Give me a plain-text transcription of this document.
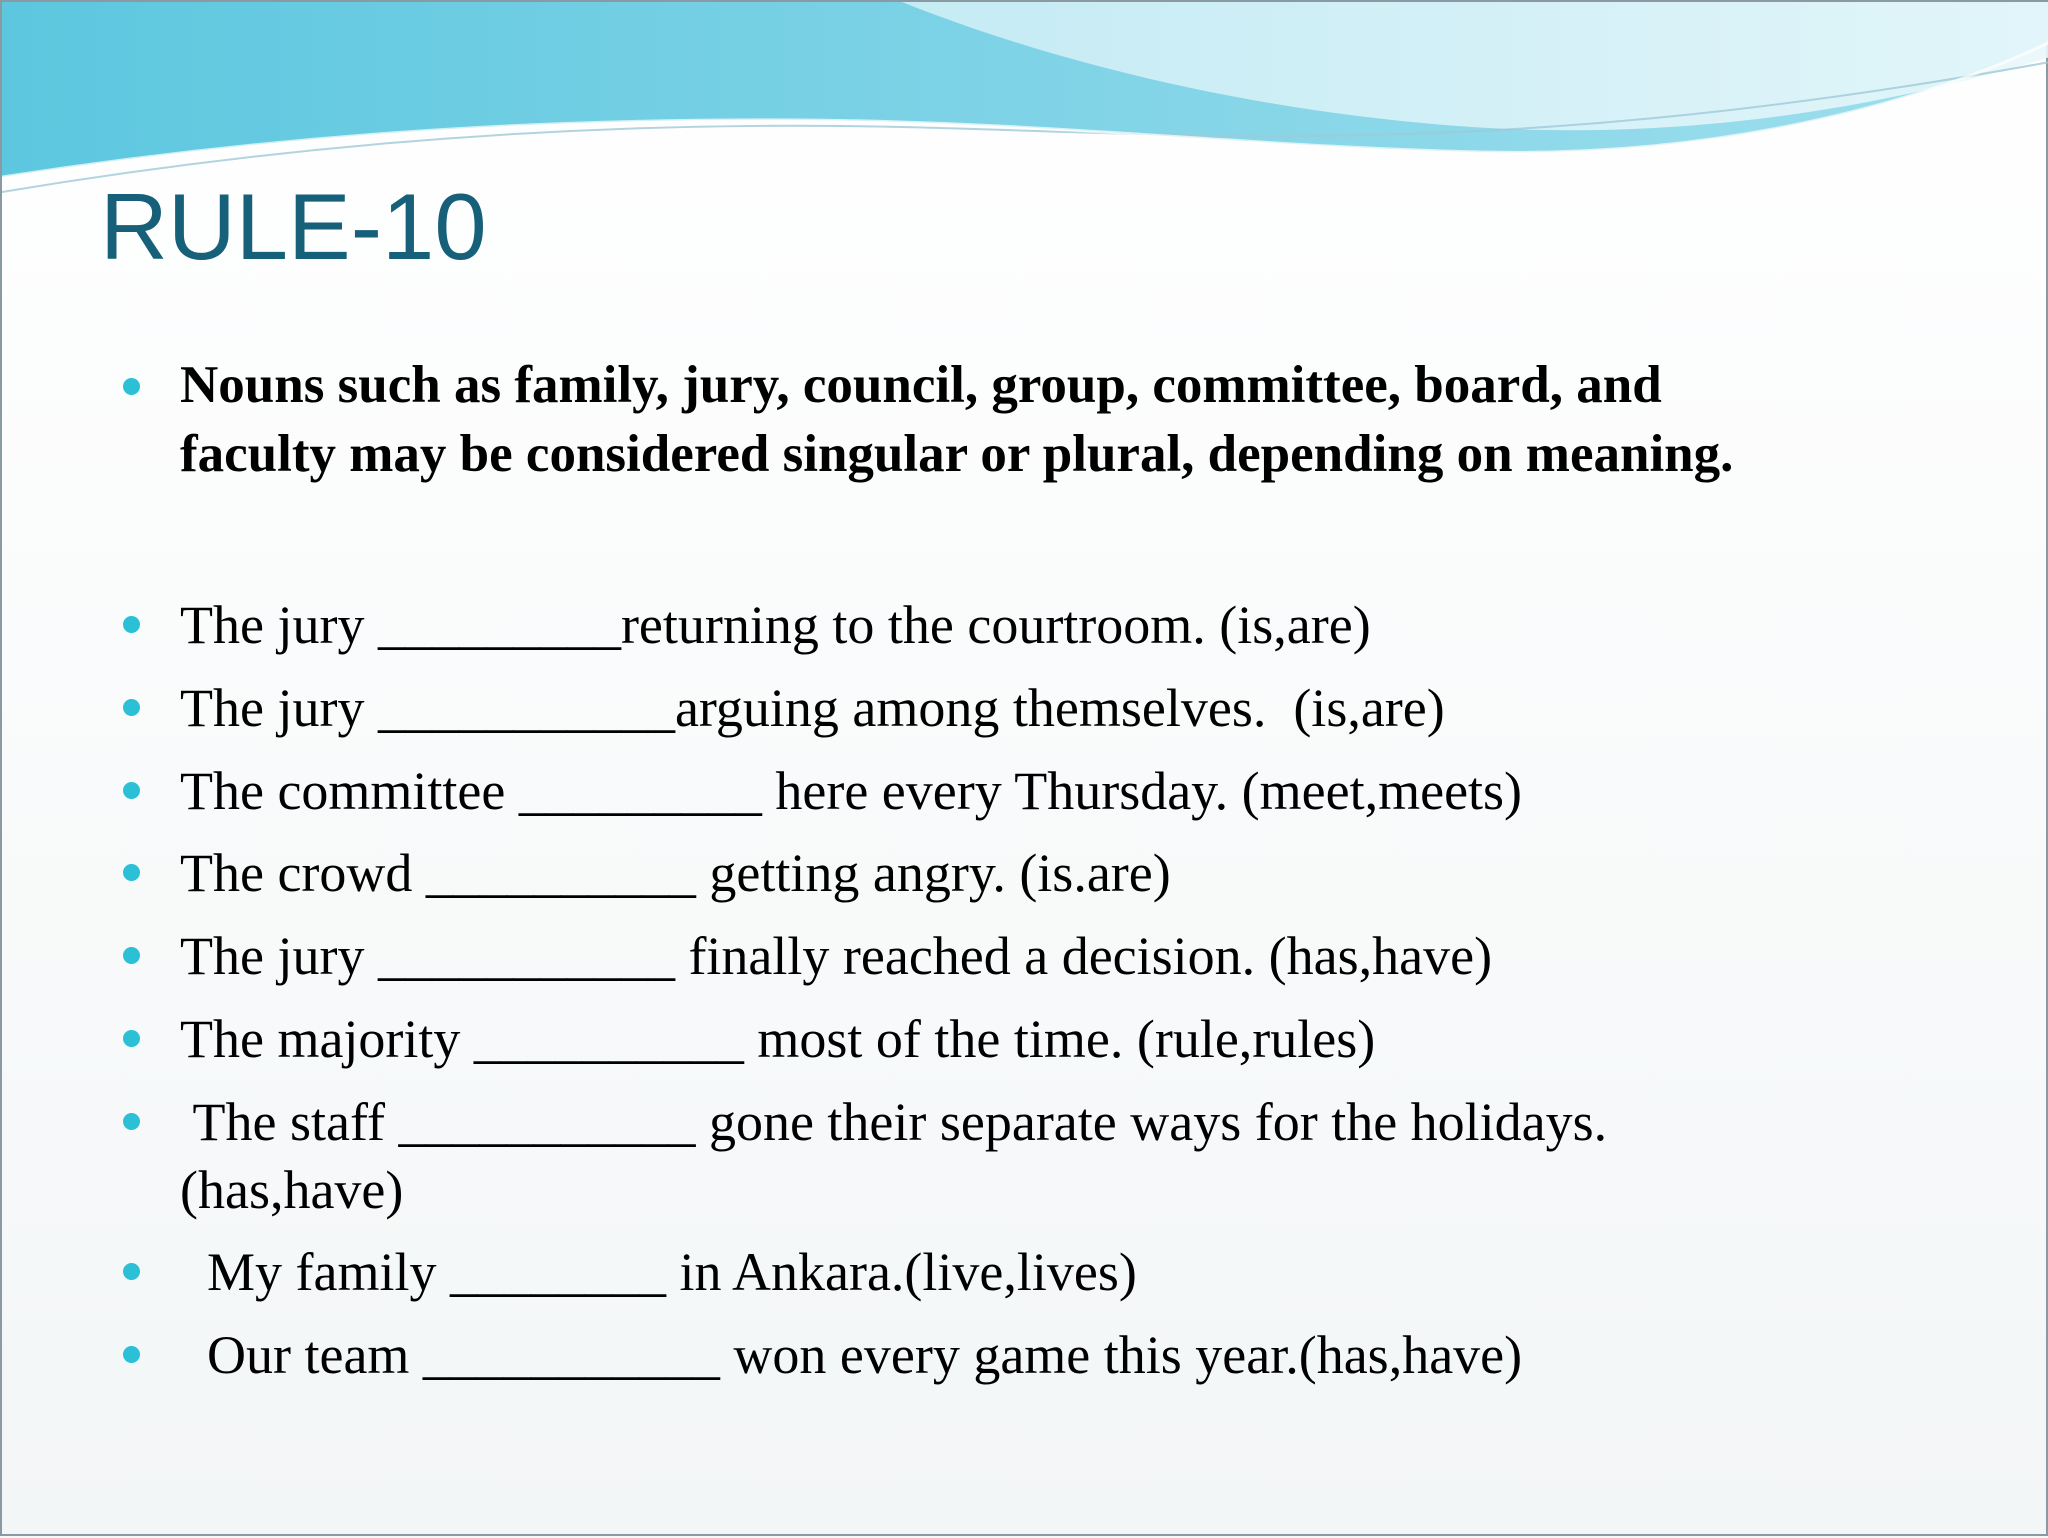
RULE-10
Nouns such as family, jury, council, group, committee, board, and
faculty may be considered singular or plural, depending on meaning.
The jury _________returning to the courtroom. (is,are)
The jury ___________arguing among themselves.  (is,are)
The committee _________ here every Thursday. (meet,meets)
The crowd __________ getting angry. (is.are)
The jury ___________ finally reached a decision. (has,have)
The majority __________ most of the time. (rule,rules)
The staff ___________ gone their separate ways for the holidays.
(has,have)
My family ________ in Ankara.(live,lives)
Our team ___________ won every game this year.(has,have)
